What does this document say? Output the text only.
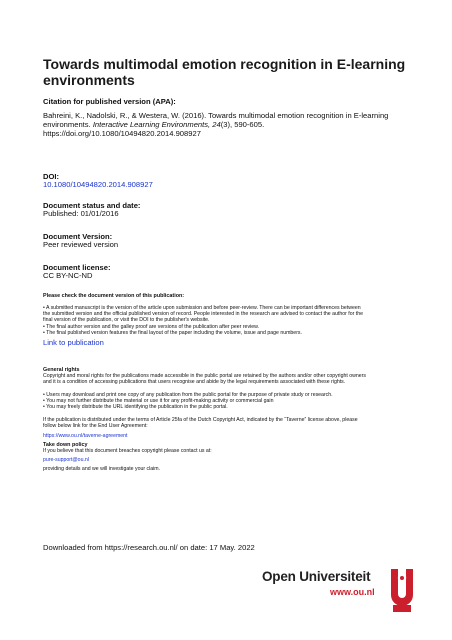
Towards multimodal emotion recognition in E-learning environments
Citation for published version (APA):
Bahreini, K., Nadolski, R., & Westera, W. (2016). Towards multimodal emotion recognition in E-learning
environments. Interactive Learning Environments, 24(3), 590-605.
https://doi.org/10.1080/10494820.2014.908927
DOI:
10.1080/10494820.2014.908927
Document status and date:
Published: 01/01/2016
Document Version:
Peer reviewed version
Document license:
CC BY-NC-ND
Please check the document version of this publication:
• A submitted manuscript is the version of the article upon submission and before peer-review. There can be important differences between
the submitted version and the official published version of record. People interested in the research are advised to contact the author for the
final version of the publication, or visit the DOI to the publisher's website.
• The final author version and the galley proof are versions of the publication after peer review.
• The final published version features the final layout of the paper including the volume, issue and page numbers.
Link to publication
General rights
Copyright and moral rights for the publications made accessible in the public portal are retained by the authors and/or other copyright owners
and it is a condition of accessing publications that users recognise and abide by the legal requirements associated with these rights.
• Users may download and print one copy of any publication from the public portal for the purpose of private study or research.
• You may not further distribute the material or use it for any profit-making activity or commercial gain
• You may freely distribute the URL identifying the publication in the public portal.
If the publication is distributed under the terms of Article 25fa of the Dutch Copyright Act, indicated by the “Taverne” license above, please
follow below link for the End User Agreement:
https://www.ou.nl/taverne-agreement
Take down policy
If you believe that this document breaches copyright please contact us at:
pure-support@ou.nl
providing details and we will investigate your claim.
Downloaded from https://research.ou.nl/ on date: 17 May. 2022
Open Universiteit
www.ou.nl
